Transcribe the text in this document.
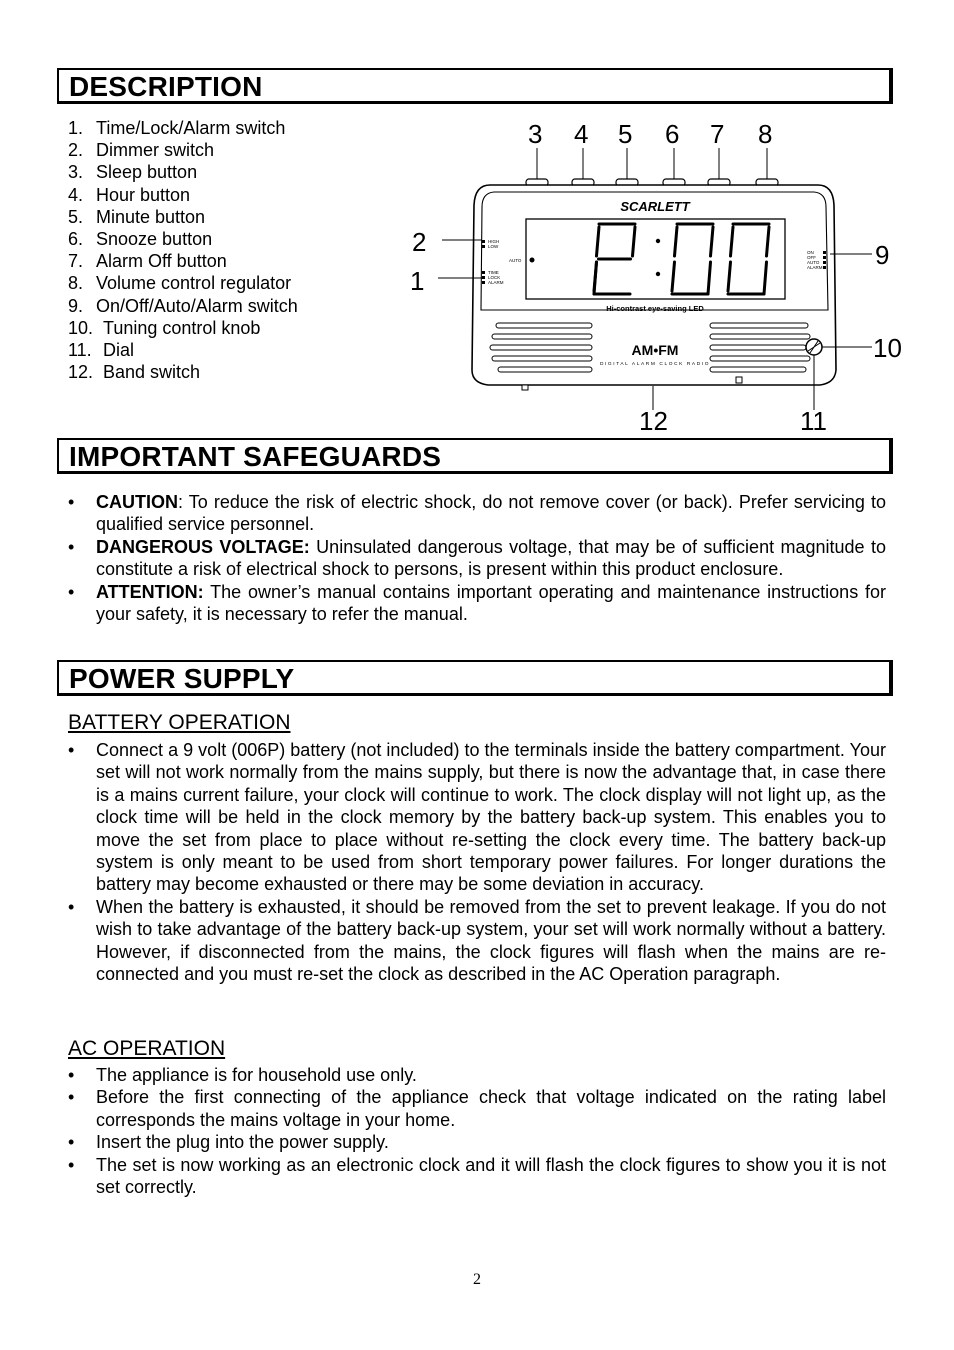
DESCRIPTION
1. Time/Lock/Alarm switch
2. Dimmer switch
3. Sleep button
4. Hour button
5. Minute button
6. Snooze button
7. Alarm Off button
8. Volume control regulator
9. On/Off/Auto/Alarm switch
10. Tuning control knob
11. Dial
12. Band switch
SCARLETT
Hi-contrast eye-saving LED
HIGH
LOW
TIME
LOCK
ALARM
AUTO
ON
OFF
AUTO
ALARM
AM•FM
DIGITAL ALARM CLOCK RADIO
1
2
3 4 5 6 7 8
9
10
11
12
IMPORTANT SAFEGUARDS
•	CAUTION: To reduce the risk of electric shock, do not remove cover (or back). Prefer servicing to qualified service personnel.
•	DANGEROUS VOLTAGE: Uninsulated dangerous voltage, that may be of sufficient magnitude to constitute a risk of electrical shock to persons, is present within this product enclosure.
•	ATTENTION: The owner’s manual contains important operating and maintenance instructions for your safety, it is necessary to refer the manual.
POWER SUPPLY
BATTERY OPERATION
•	Connect a 9 volt (006P) battery (not included) to the terminals inside the battery compartment. Your set will not work normally from the mains supply, but there is now the advantage that, in case there is a mains current failure, your clock will continue to work. The clock display will not light up, as the clock time will be held in the clock memory by the battery back-up system. This enables you to move the set from place to place without re-setting the clock every time. The battery back-up system is only meant to be used from short temporary power failures. For longer durations the battery may become exhausted or there may be some deviation in accuracy.
•	When the battery is exhausted, it should be removed from the set to prevent leakage. If you do not wish to take advantage of the battery back-up system, your set will work normally without a battery. However, if disconnected from the mains, the clock figures will flash when the mains are re-connected and you must re-set the clock as described in the AC Operation paragraph.
AC OPERATION
•	The appliance is for household use only.
•	Before the first connecting of the appliance check that voltage indicated on the rating label corresponds the mains voltage in your home.
•	Insert the plug into the power supply.
•	The set is now working as an electronic clock and it will flash the clock figures to show you it is not set correctly.
2
